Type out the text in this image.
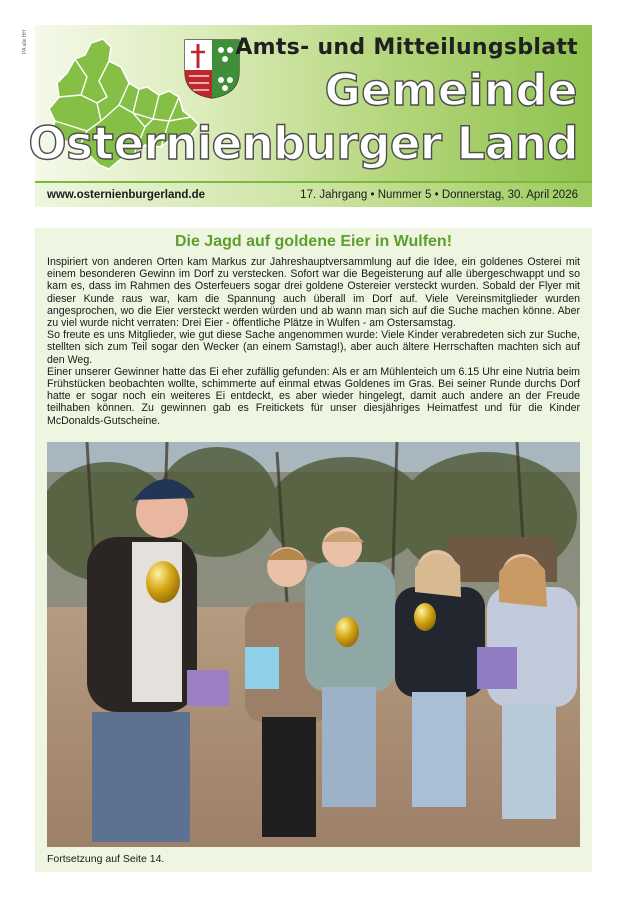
PA alle HH	Amts- und Mitteilungsblatt
Gemeinde
Osternienburger Land
www.osternienburgerland.de	17. Jahrgang • Nummer 5 • Donnerstag, 30. April 2026
Die Jagd auf goldene Eier in Wulfen!

Inspiriert von anderen Orten kam Markus zur Jahreshauptversammlung auf die Idee, ein goldenes Osterei mit einem besonderen Gewinn im Dorf zu verstecken. Sofort war die Begeisterung auf alle übergeschwappt und so kam es, dass im Rahmen des Osterfeuers sogar drei goldene Ostereier versteckt wurden. Sobald der Flyer mit dieser Kunde raus war, kam die Spannung auch überall im Dorf auf. Viele Vereinsmitglieder wurden angesprochen, wo die Eier versteckt werden würden und ab wann man sich auf die Suche machen könne. Aber zu viel wurde nicht verraten: Drei Eier - öffentliche Plätze in Wulfen - am Ostersamstag.

So freute es uns Mitglieder, wie gut diese Sache angenommen wurde: Viele Kinder verabredeten sich zur Suche, stellten sich zum Teil sogar den Wecker (an einem Samstag!), aber auch ältere Herrschaften machten sich auf den Weg.

Einer unserer Gewinner hatte das Ei eher zufällig gefunden: Als er am Mühlenteich um 6.15 Uhr eine Nutria beim Frühstücken beobachten wollte, schimmerte auf einmal etwas Goldenes im Gras. Bei seiner Runde durchs Dorf hatte er sogar noch ein weiteres Ei entdeckt, es aber wieder hingelegt, damit auch andere an der Freude teilhaben können. Zu gewinnen gab es Freitickets für unser diesjähriges Heimatfest und für die Kinder McDonalds-Gutscheine.

Fortsetzung auf Seite 14.
